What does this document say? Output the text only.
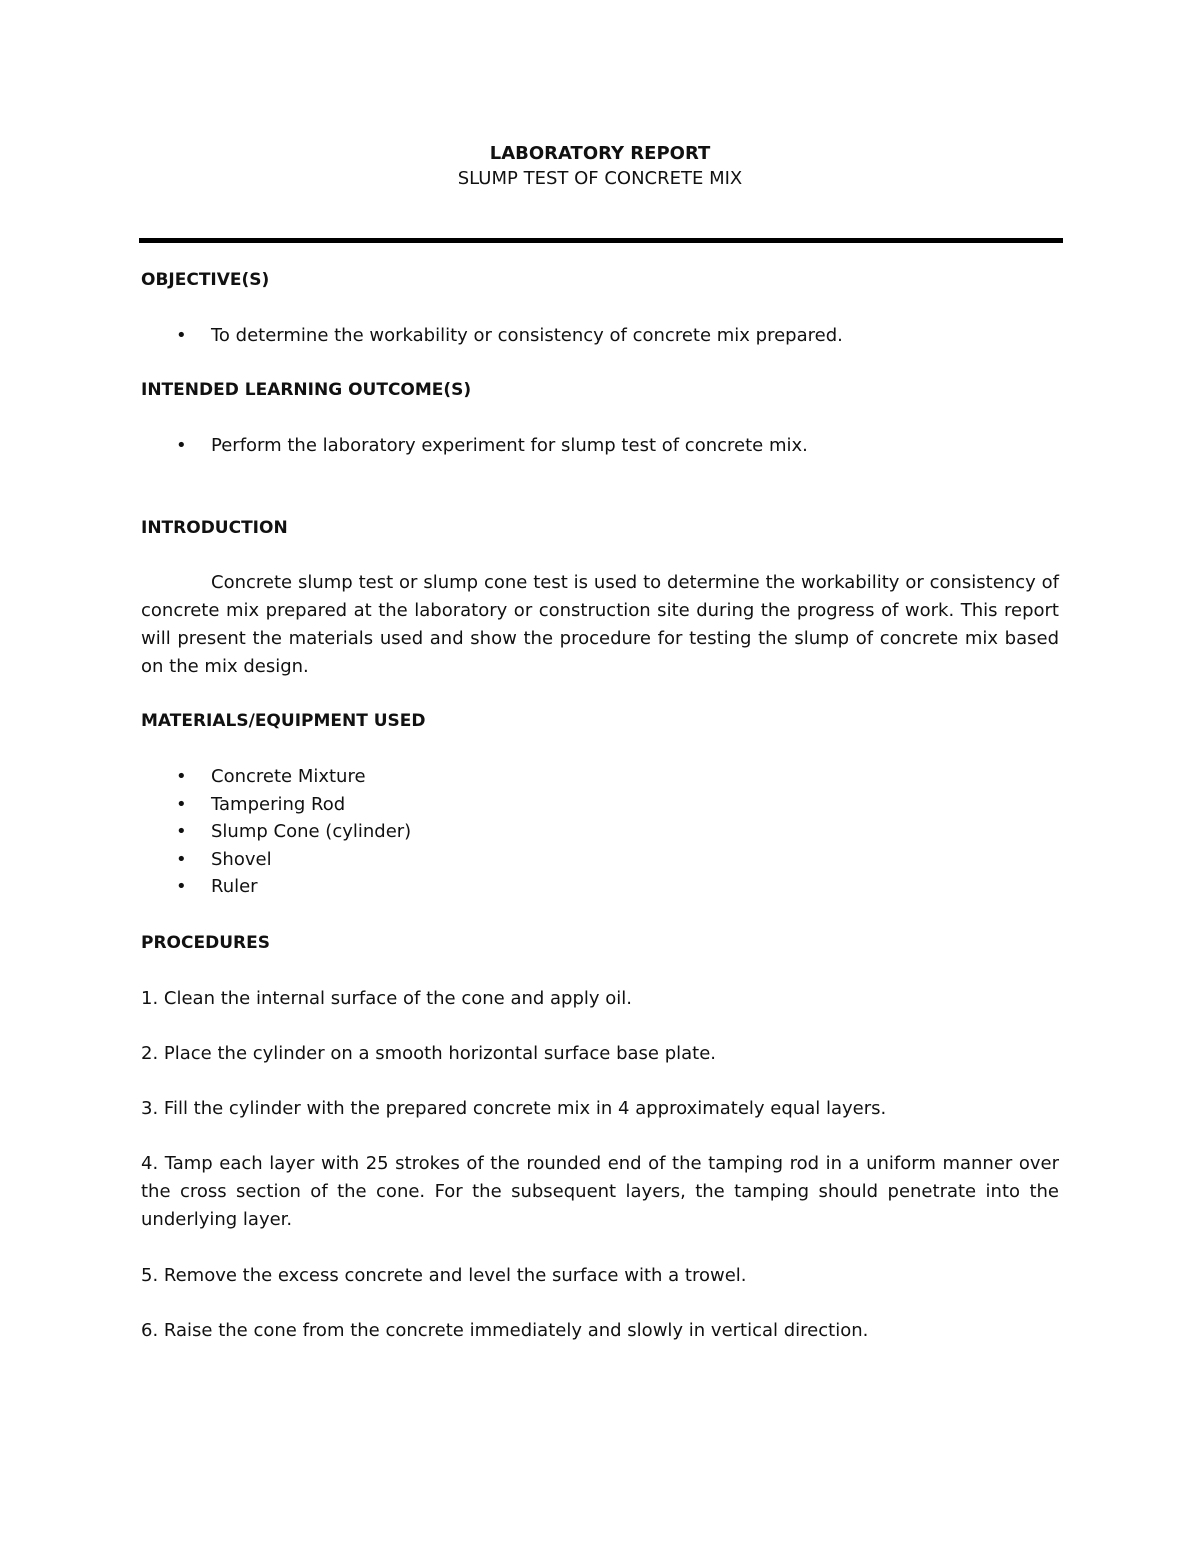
LABORATORY REPORT
SLUMP TEST OF CONCRETE MIX
OBJECTIVE(S)
• To determine the workability or consistency of concrete mix prepared.
INTENDED LEARNING OUTCOME(S)
• Perform the laboratory experiment for slump test of concrete mix.
INTRODUCTION

Concrete slump test or slump cone test is used to determine the workability or consistency of concrete mix prepared at the laboratory or construction site during the progress of work. This report will present the materials used and show the procedure for testing the slump of concrete mix based on the mix design.

MATERIALS/EQUIPMENT USED
• Concrete Mixture
• Tampering Rod
• Slump Cone (cylinder)
• Shovel
• Ruler
PROCEDURES

1. Clean the internal surface of the cone and apply oil.

2. Place the cylinder on a smooth horizontal surface base plate.

3. Fill the cylinder with the prepared concrete mix in 4 approximately equal layers.

4. Tamp each layer with 25 strokes of the rounded end of the tamping rod in a uniform manner over the cross section of the cone. For the subsequent layers, the tamping should penetrate into the underlying layer.

5. Remove the excess concrete and level the surface with a trowel.

6. Raise the cone from the concrete immediately and slowly in vertical direction.
